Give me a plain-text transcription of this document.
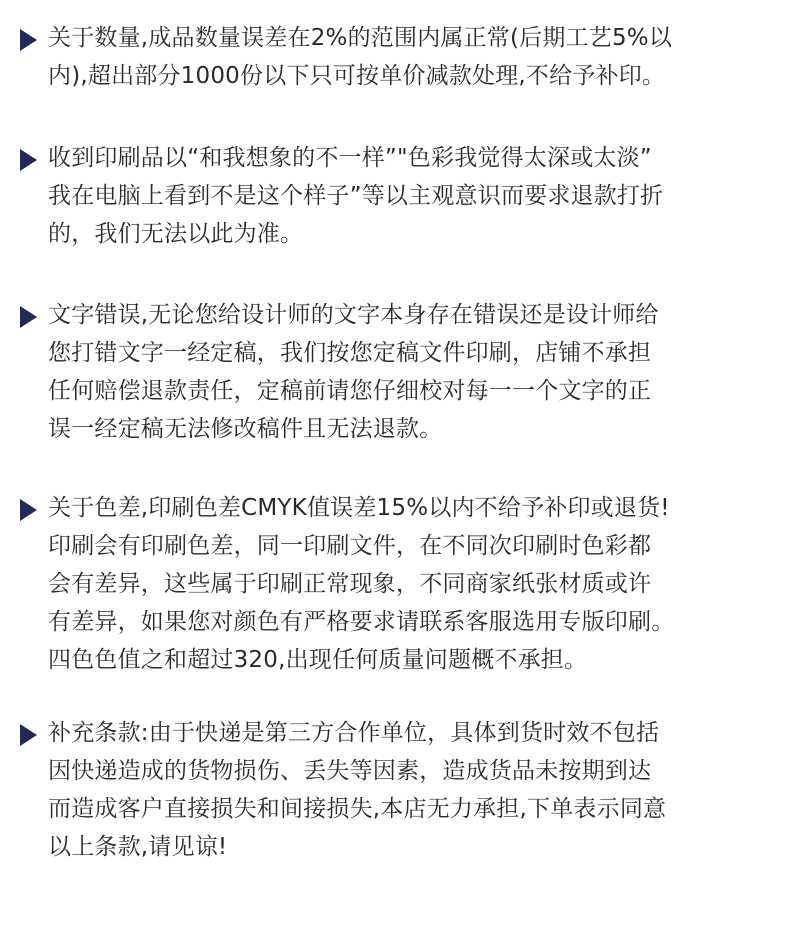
关于数量,成品数量误差在2%的范围内属正常(后期工艺5%以
内),超出部分1000份以下只可按单价减款处理,不给予补印。
收到印刷品以“和我想象的不一样”"色彩我觉得太深或太淡”
我在电脑上看到不是这个样子”等以主观意识而要求退款打折
的，我们无法以此为准。
文字错误,无论您给设计师的文字本身存在错误还是设计师给
您打错文字一经定稿，我们按您定稿文件印刷，店铺不承担
任何赔偿退款责任，定稿前请您仔细校对每一一个文字的正
误一经定稿无法修改稿件且无法退款。
关于色差,印刷色差CMYK值误差15%以内不给予补印或退货!
印刷会有印刷色差，同一印刷文件，在不同次印刷时色彩都
会有差异，这些属于印刷正常现象，不同商家纸张材质或许
有差异，如果您对颜色有严格要求请联系客服选用专版印刷。
四色色值之和超过320,出现任何质量问题概不承担。
补充条款:由于快递是第三方合作单位，具体到货时效不包括
因快递造成的货物损伤、丢失等因素，造成货品未按期到达
而造成客户直接损失和间接损失,本店无力承担,下单表示同意
以上条款,请见谅!
